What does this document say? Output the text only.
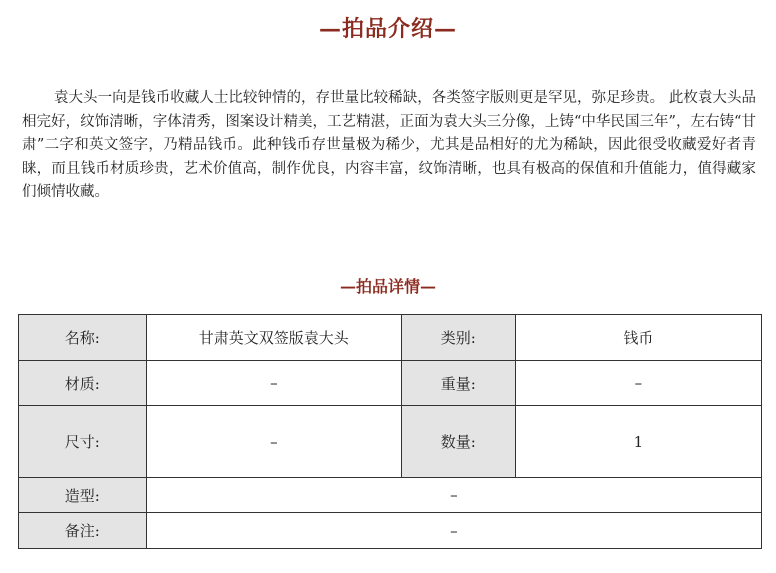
—拍品介绍—

袁大头一向是钱币收藏人士比较钟情的，存世量比较稀缺，各类签字版则更是罕见，弥足珍贵。 此枚袁大头品相完好，纹饰清晰，字体清秀，图案设计精美，工艺精湛，正面为袁大头三分像，上铸“中华民国三年”，左右铸“甘肃”二字和英文签字，乃精品钱币。此种钱币存世量极为稀少，尤其是品相好的尤为稀缺，因此很受收藏爱好者青睐，而且钱币材质珍贵，艺术价值高，制作优良，内容丰富，纹饰清晰，也具有极高的保值和升值能力，值得藏家们倾情收藏。

—拍品详情—
名称:	甘肃英文双签版袁大头	类别:	钱币
材质:	–	重量:	–
尺寸:	–	数量:	1
造型:	–		
备注:	–		
